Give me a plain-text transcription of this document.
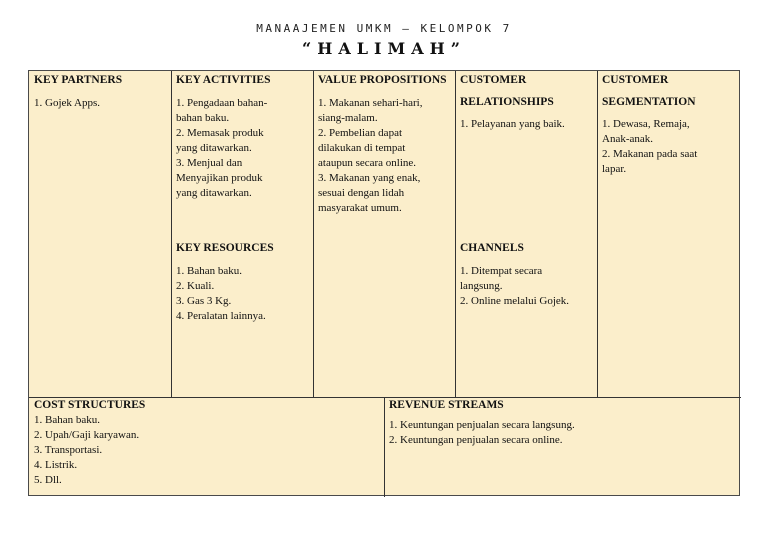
MANAAJEMEN UMKM – KELOMPOK 7
“HALIMAH”
KEY PARTNERS
1. Gojek Apps.
KEY ACTIVITIES
1. Pengadaan bahan-
bahan baku.
2. Memasak produk
yang ditawarkan.
3. Menjual dan
Menyajikan produk
yang ditawarkan.
KEY RESOURCES
1. Bahan baku.
2. Kuali.
3. Gas 3 Kg.
4. Peralatan lainnya.
VALUE PROPOSITIONS
1. Makanan sehari-hari,
siang-malam.
2. Pembelian dapat
dilakukan di tempat
ataupun secara online.
3. Makanan yang enak,
sesuai dengan lidah
masyarakat umum.
CUSTOMER
RELATIONSHIPS
1. Pelayanan yang baik.
CHANNELS
1. Ditempat secara
langsung.
2. Online melalui Gojek.
CUSTOMER
SEGMENTATION
1. Dewasa, Remaja,
Anak-anak.
2. Makanan pada saat
lapar.
COST STRUCTURES
1. Bahan baku.
2. Upah/Gaji karyawan.
3. Transportasi.
4. Listrik.
5. Dll.
REVENUE STREAMS
1. Keuntungan penjualan secara langsung.
2. Keuntungan penjualan secara online.
